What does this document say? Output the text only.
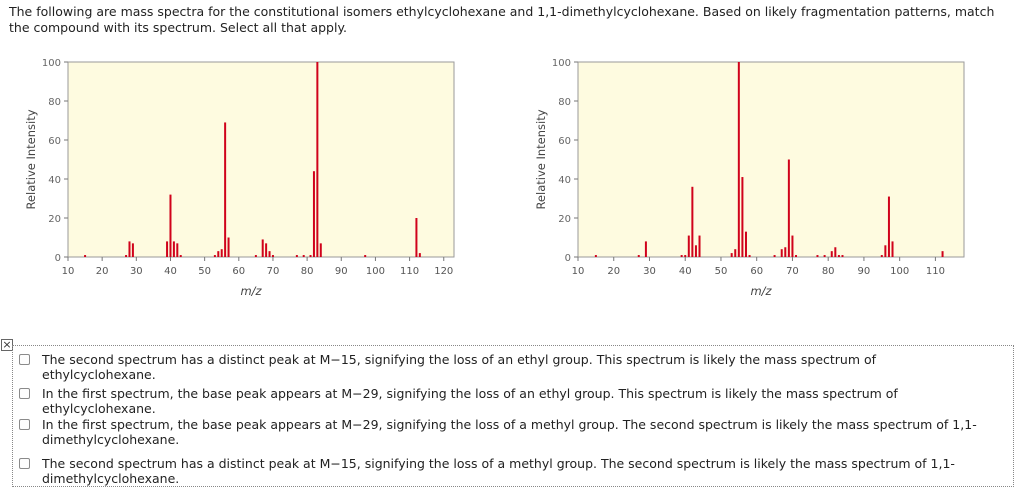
The following are mass spectra for the constitutional isomers ethylcyclohexane and 1,1-dimethylcyclohexane. Based on likely fragmentation patterns, match the compound with its spectrum. Select all that apply.
0
20
40
60
80
100
10 20 30 40 50 60 70 80 90 100 110 120
m/z
Relative Intensity
0
20
40
60
80
100
10 20 30 40 50 60 70 80 90 100 110
m/z
Relative Intensity
×
The second spectrum has a distinct peak at M−15, signifying the loss of an ethyl group. This spectrum is likely the mass spectrum of ethylcyclohexane.
In the first spectrum, the base peak appears at M−29, signifying the loss of an ethyl group. This spectrum is likely the mass spectrum of ethylcyclohexane.
In the first spectrum, the base peak appears at M−29, signifying the loss of a methyl group. The second spectrum is likely the mass spectrum of 1,1-dimethylcyclohexane.
The second spectrum has a distinct peak at M−15, signifying the loss of a methyl group. The second spectrum is likely the mass spectrum of 1,1-dimethylcyclohexane.
